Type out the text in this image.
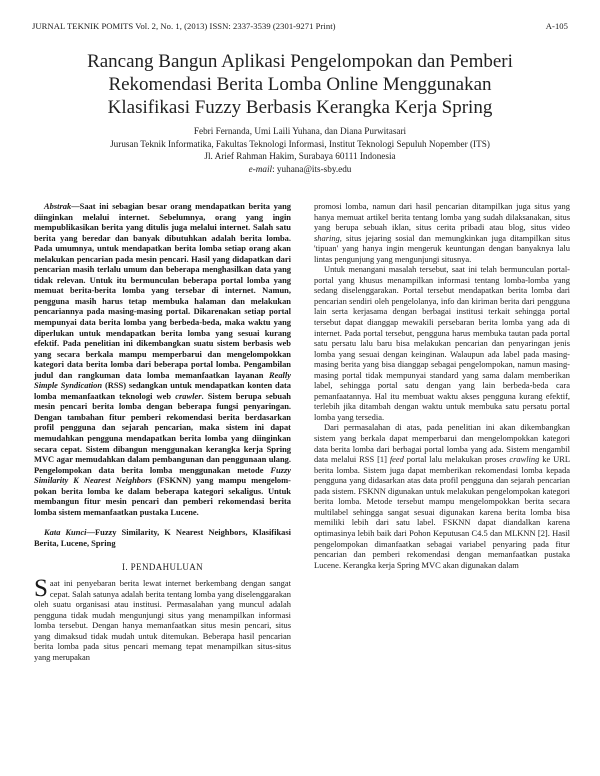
JURNAL TEKNIK POMITS Vol. 2, No. 1, (2013) ISSN: 2337-3539 (2301-9271 Print)	A-105
Rancang Bangun Aplikasi Pengelompokan dan Pemberi
Rekomendasi Berita Lomba Online Menggunakan
Klasifikasi Fuzzy Berbasis Kerangka Kerja Spring
Febri Fernanda, Umi Laili Yuhana, dan Diana Purwitasari
Jurusan Teknik Informatika, Fakultas Teknologi Informasi, Institut Teknologi Sepuluh Nopember (ITS)
Jl. Arief Rahman Hakim, Surabaya 60111 Indonesia
e-mail: yuhana@its-sby.edu

Abstrak—Saat ini sebagian besar orang mendapatkan berita yang diinginkan melalui internet. Sebelumnya, orang yang ingin mempublikasikan berita yang ditulis juga melalui internet. Salah satu berita yang beredar dan banyak dibutuhkan adalah berita lomba. Pada umumnya, untuk mendapatkan berita lomba setiap orang akan melakukan pencarian pada mesin pencari. Hasil yang didapatkan dari pencarian masih terlalu umum dan beberapa menghasilkan data yang tidak relevan. Untuk itu bermunculan beberapa portal lomba yang memuat berita-berita lomba yang tersebar di internet. Namun, pengguna masih harus tetap membuka halaman dan melakukan pencariannya pada masing-masing portal. Dikarenakan setiap portal mempunyai data berita lomba yang berbeda-beda, maka waktu yang diperlukan untuk mendapatkan berita lomba yang sesuai kurang efektif. Pada penelitian ini dikembangkan suatu sistem berbasis web yang secara berkala mampu memperbarui dan mengelompokkan kategori data berita lomba dari beberapa portal lomba. Pengambilan judul dan rangkuman data lomba memanfaatkan layanan Really Simple Syndication (RSS) sedangkan untuk mendapatkan konten data lomba memanfaatkan teknologi web crawler. Sistem berupa sebuah mesin pencari berita lomba dengan beberapa fungsi penyaringan. Dengan tambahan fitur pemberi rekomendasi berita berdasarkan profil pengguna dan sejarah pencarian, maka sistem ini dapat memudahkan pengguna mendapatkan berita lomba yang diinginkan secara cepat. Sistem dibangun menggunakan kerangka kerja Spring MVC agar memudahkan dalam pembangunan dan penggunaan ulang. Pengelompokan data berita lomba menggunakan metode Fuzzy Similarity K Nearest Neighbors (FSKNN) yang mampu mengelom-pokan berita lomba ke dalam beberapa kategori sekaligus. Untuk membangun fitur mesin pencari dan pemberi rekomendasi berita lomba sistem memanfaatkan pustaka Lucene.

Kata Kunci—Fuzzy Similarity, K Nearest Neighbors, Klasifikasi Berita, Lucene, Spring

I. PENDAHULUAN

Saat ini penyebaran berita lewat internet berkembang dengan sangat cepat. Salah satunya adalah berita tentang lomba yang diselenggarakan oleh suatu organisasi atau institusi. Permasalahan yang muncul adalah pengguna tidak mudah mengunjungi situs yang menampilkan informasi lomba tersebut. Dengan hanya memanfaatkan situs mesin pencari, situs yang dimaksud tidak mudah untuk ditemukan. Beberapa hasil pencarian berita lomba pada situs pencari memang tepat menampilkan situs-situs yang merupakan

promosi lomba, namun dari hasil pencarian ditampilkan juga situs yang hanya memuat artikel berita tentang lomba yang sudah dilaksanakan, situs yang berupa sebuah iklan, situs cerita pribadi atau blog, situs video sharing, situs jejaring sosial dan memungkinkan juga ditampilkan situs 'tipuan' yang hanya ingin mengeruk keuntungan dengan banyaknya lalu lintas pengunjung yang mengunjungi situsnya.

Untuk menangani masalah tersebut, saat ini telah bermunculan portal-portal yang khusus menampilkan informasi tentang lomba-lomba yang sedang diselenggarakan. Portal tersebut mendapatkan berita lomba dari pencarian sendiri oleh pengelolanya, info dan kiriman berita dari pengguna lain serta kerjasama dengan berbagai institusi terkait sehingga portal tersebut dapat dianggap mewakili persebaran berita lomba yang ada di internet. Pada portal tersebut, pengguna harus membuka tautan pada portal satu persatu lalu baru bisa melakukan pencarian dan penyaringan jenis lomba yang sesuai dengan keinginan. Walaupun ada label pada masing-masing berita yang bisa dianggap sebagai pengelompokan, namun masing-masing portal tidak mempunyai standard yang sama dalam memberikan label, sehingga portal satu dengan yang lain berbeda-beda cara pemanfaatannya. Hal itu membuat waktu akses pengguna kurang efektif, terlebih jika ditambah dengan waktu untuk membuka satu persatu portal lomba yang tersedia.

Dari permasalahan di atas, pada penelitian ini akan dikembangkan sistem yang berkala dapat memperbarui dan mengelompokkan kategori data berita lomba dari berbagai portal lomba yang ada. Sistem mengambil data melalui RSS [1] feed portal lalu melakukan proses crawling ke URL berita lomba. Sistem juga dapat memberikan rekomendasi lomba kepada pengguna yang didasarkan atas data profil pengguna dan sejarah pencarian pada sistem. FSKNN digunakan untuk melakukan pengelompokan kategori berita lomba. Metode tersebut mampu mengelompokkan berita secara multilabel sehingga sangat sesuai digunakan karena berita lomba bisa memiliki lebih dari satu label. FSKNN dapat diandalkan karena optimasinya lebih baik dari Pohon Keputusan C4.5 dan MLKNN [2]. Hasil pengelompokan dimanfaatkan sebagai variabel penyaring pada fitur pencarian dan pemberi rekomendasi dengan memanfaatkan pustaka Lucene. Kerangka kerja Spring MVC akan digunakan dalam
